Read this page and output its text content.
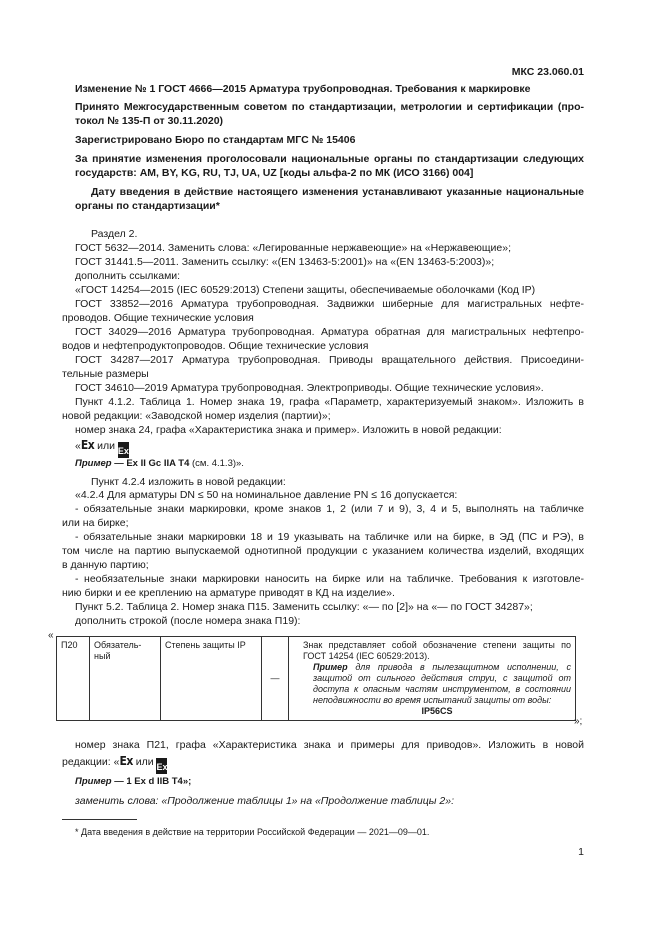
МКС 23.060.01
Изменение № 1 ГОСТ 4666—2015 Арматура трубопроводная. Требования к маркировке
Принято Межгосударственным советом по стандартизации, метрологии и сертификации (про-
токол № 135-П от 30.11.2020)
Зарегистрировано Бюро по стандартам МГС № 15406
За принятие изменения проголосовали национальные органы по стандартизации следующих
государств: AM, BY, KG, RU, TJ, UA, UZ [коды альфа-2 по МК (ИСО 3166) 004]
Дату введения в действие настоящего изменения устанавливают указанные национальные
органы по стандартизации*
Раздел 2.
ГОСТ 5632—2014. Заменить слова: «Легированные нержавеющие» на «Нержавеющие»;
ГОСТ 31441.5—2011. Заменить ссылку: «(EN 13463-5:2001)» на «(EN 13463-5:2003)»;
дополнить ссылками:
«ГОСТ 14254—2015 (IEC 60529:2013) Степени защиты, обеспечиваемые оболочками (Код IP)
ГОСТ 33852—2016 Арматура трубопроводная. Задвижки шиберные для магистральных нефте-
проводов. Общие технические условия
ГОСТ 34029—2016 Арматура трубопроводная. Арматура обратная для магистральных нефтепро-
водов и нефтепродуктопроводов. Общие технические условия
ГОСТ 34287—2017 Арматура трубопроводная. Приводы вращательного действия. Присоедини-
тельные размеры
ГОСТ 34610—2019 Арматура трубопроводная. Электроприводы. Общие технические условия».
Пункт 4.1.2. Таблица 1. Номер знака 19, графа «Параметр, характеризуемый знаком». Изложить в
новой редакции: «Заводской номер изделия (партии)»;
номер знака 24, графа «Характеристика знака и пример». Изложить в новой редакции:
«Ex или Ex
Пример — Ex II Gc IIA T4 (см. 4.1.3)».
Пункт 4.2.4 изложить в новой редакции:
«4.2.4 Для арматуры DN ≤ 50 на номинальное давление PN ≤ 16 допускается:
- обязательные знаки маркировки, кроме знаков 1, 2 (или 7 и 9), 3, 4 и 5, выполнять на табличке
или на бирке;
- обязательные знаки маркировки 18 и 19 указывать на табличке или на бирке, в ЭД (ПС и РЭ), в
том числе на партию выпускаемой однотипной продукции с указанием количества изделий, входящих
в данную партию;
- необязательные знаки маркировки наносить на бирке или на табличке. Требования к изготовле-
нию бирки и ее креплению на арматуре приводят в КД на изделие».
Пункт 5.2. Таблица 2. Номер знака П15. Заменить ссылку: «— по [2]» на «— по ГОСТ 34287»;
дополнить строкой (после номера знака П19):
«
П20	Обязатель-ный	Степень защиты IP	—	
Знак представляет собой обозначение степени защиты по ГОСТ 14254 (IEC 60529:2013).
Пример для привода в пылезащитном исполнении, с защитой от сильного действия струи, с защитой от доступа к опасным частям инструментом, в состоянии неподвижности во время испытаний защиты от воды:
IP56CS
»;
номер знака П21, графа «Характеристика знака и примеры для приводов». Изложить в новой
редакции: «Ex или Ex
Пример — 1 Ex d IIB T4»;
заменить слова: «Продолжение таблицы 1» на «Продолжение таблицы 2»:
* Дата введения в действие на территории Российской Федерации — 2021—09—01.
1
